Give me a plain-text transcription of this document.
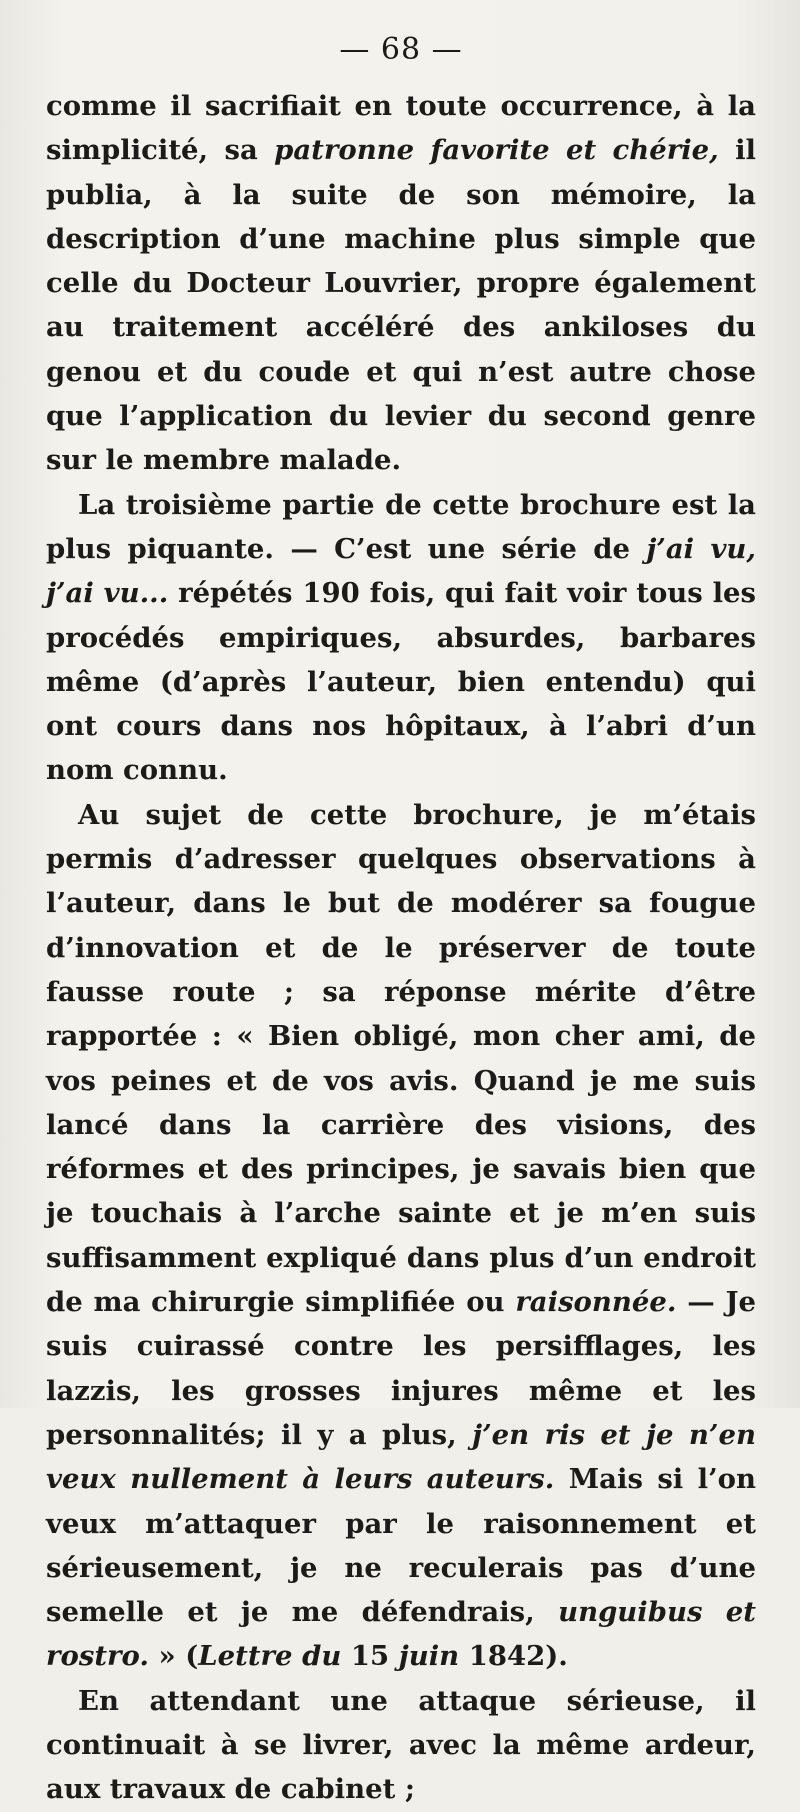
— 68 —

comme il sacrifiait en toute occurrence, à la simplicité, sa patronne favorite et chérie, il publia, à la suite de son mémoire, la description d’une machine plus simple que celle du Docteur Louvrier, propre également au traitement accéléré des ankiloses du genou et du coude et qui n’est autre chose que l’application du levier du second genre sur le membre malade.

La troisième partie de cette brochure est la plus piquante. — C’est une série de j’ai vu, j’ai vu... répétés 190 fois, qui fait voir tous les procédés empiriques, absurdes, barbares même (d’après l’auteur, bien entendu) qui ont cours dans nos hôpitaux, à l’abri d’un nom connu.

Au sujet de cette brochure, je m’étais permis d’adresser quelques observations à l’auteur, dans le but de modérer sa fougue d’innovation et de le préserver de toute fausse route ; sa réponse mérite d’être rapportée : « Bien obligé, mon cher ami, de vos peines et de vos avis. Quand je me suis lancé dans la carrière des visions, des réformes et des principes, je savais bien que je touchais à l’arche sainte et je m’en suis suffisamment expliqué dans plus d’un endroit de ma chirurgie simplifiée ou raisonnée. — Je suis cuirassé contre les persifflages, les lazzis, les grosses injures même et les personnalités; il y a plus, j’en ris et je n’en veux nullement à leurs auteurs. Mais si l’on veux m’attaquer par le raisonnement et sérieusement, je ne reculerais pas d’une semelle et je me défendrais, unguibus et rostro. » (Lettre du 15 juin 1842).

En attendant une attaque sérieuse, il continuait à se livrer, avec la même ardeur, aux travaux de cabinet ;
